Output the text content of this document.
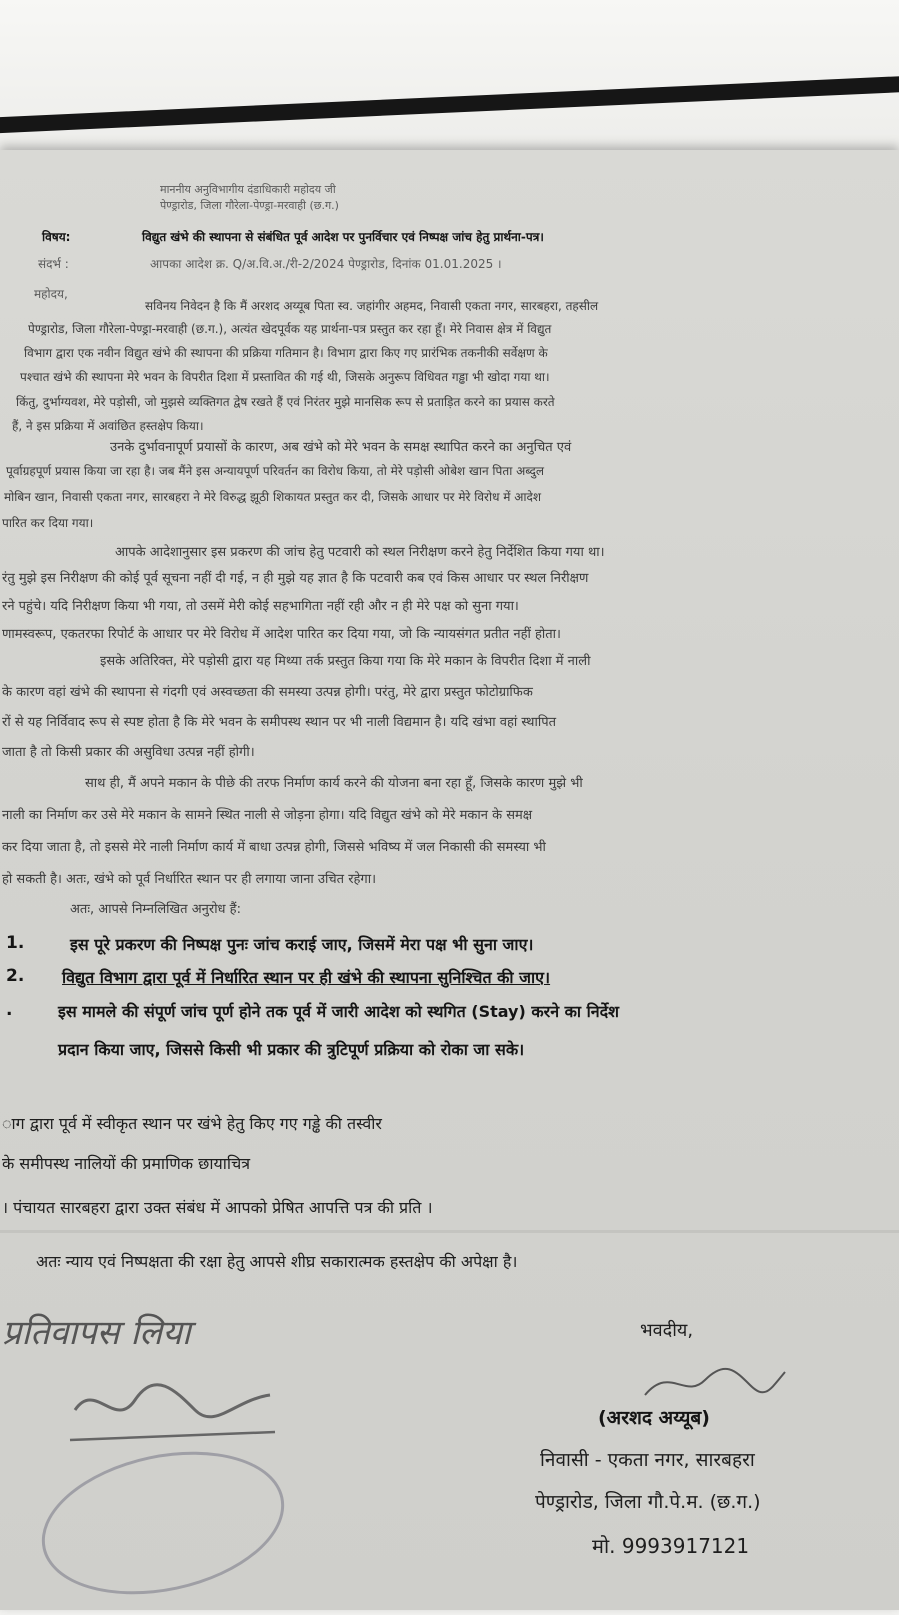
माननीय अनुविभागीय दंडाधिकारी महोदय जी
पेण्ड्रारोड, जिला गौरेला-पेण्ड्रा-मरवाही (छ.ग.)
विषय:	विद्युत खंभे की स्थापना से संबंधित पूर्व आदेश पर पुनर्विचार एवं निष्पक्ष जांच हेतु प्रार्थना-पत्र।
संदर्भ :	आपका आदेश क्र. Q/अ.वि.अ./री-2/2024 पेण्ड्रारोड, दिनांक 01.01.2025 ।
महोदय,
सविनय निवेदन है कि मैं अरशद अय्यूब पिता स्व. जहांगीर अहमद, निवासी एकता नगर, सारबहरा, तहसील
पेण्ड्रारोड, जिला गौरेला-पेण्ड्रा-मरवाही (छ.ग.), अत्यंत खेदपूर्वक यह प्रार्थना-पत्र प्रस्तुत कर रहा हूँ। मेरे निवास क्षेत्र में विद्युत
विभाग द्वारा एक नवीन विद्युत खंभे की स्थापना की प्रक्रिया गतिमान है। विभाग द्वारा किए गए प्रारंभिक तकनीकी सर्वेक्षण के
पश्चात खंभे की स्थापना मेरे भवन के विपरीत दिशा में प्रस्तावित की गई थी, जिसके अनुरूप विधिवत गड्ढा भी खोदा गया था।
किंतु, दुर्भाग्यवश, मेरे पड़ोसी, जो मुझसे व्यक्तिगत द्वेष रखते हैं एवं निरंतर मुझे मानसिक रूप से प्रताड़ित करने का प्रयास करते
हैं, ने इस प्रक्रिया में अवांछित हस्तक्षेप किया।
उनके दुर्भावनापूर्ण प्रयासों के कारण, अब खंभे को मेरे भवन के समक्ष स्थापित करने का अनुचित एवं
पूर्वाग्रहपूर्ण प्रयास किया जा रहा है। जब मैंने इस अन्यायपूर्ण परिवर्तन का विरोध किया, तो मेरे पड़ोसी ओबेश खान पिता अब्दुल
मोबिन खान, निवासी एकता नगर, सारबहरा ने मेरे विरुद्ध झूठी शिकायत प्रस्तुत कर दी, जिसके आधार पर मेरे विरोध में आदेश
पारित कर दिया गया।
आपके आदेशानुसार इस प्रकरण की जांच हेतु पटवारी को स्थल निरीक्षण करने हेतु निर्देशित किया गया था।
रंतु मुझे इस निरीक्षण की कोई पूर्व सूचना नहीं दी गई, न ही मुझे यह ज्ञात है कि पटवारी कब एवं किस आधार पर स्थल निरीक्षण
रने पहुंचे। यदि निरीक्षण किया भी गया, तो उसमें मेरी कोई सहभागिता नहीं रही और न ही मेरे पक्ष को सुना गया।
णामस्वरूप, एकतरफा रिपोर्ट के आधार पर मेरे विरोध में आदेश पारित कर दिया गया, जो कि न्यायसंगत प्रतीत नहीं होता।
इसके अतिरिक्त, मेरे पड़ोसी द्वारा यह मिथ्या तर्क प्रस्तुत किया गया कि मेरे मकान के विपरीत दिशा में नाली
के कारण वहां खंभे की स्थापना से गंदगी एवं अस्वच्छता की समस्या उत्पन्न होगी। परंतु, मेरे द्वारा प्रस्तुत फोटोग्राफिक
रों से यह निर्विवाद रूप से स्पष्ट होता है कि मेरे भवन के समीपस्थ स्थान पर भी नाली विद्यमान है। यदि खंभा वहां स्थापित
जाता है तो किसी प्रकार की असुविधा उत्पन्न नहीं होगी।
साथ ही, मैं अपने मकान के पीछे की तरफ निर्माण कार्य करने की योजना बना रहा हूँ, जिसके कारण मुझे भी
नाली का निर्माण कर उसे मेरे मकान के सामने स्थित नाली से जोड़ना होगा। यदि विद्युत खंभे को मेरे मकान के समक्ष
कर दिया जाता है, तो इससे मेरे नाली निर्माण कार्य में बाधा उत्पन्न होगी, जिससे भविष्य में जल निकासी की समस्या भी
हो सकती है। अतः, खंभे को पूर्व निर्धारित स्थान पर ही लगाया जाना उचित रहेगा।
अतः, आपसे निम्नलिखित अनुरोध हैं:
1.	इस पूरे प्रकरण की निष्पक्ष पुनः जांच कराई जाए, जिसमें मेरा पक्ष भी सुना जाए।
2. विद्युत विभाग द्वारा पूर्व में निर्धारित स्थान पर ही खंभे की स्थापना सुनिश्चित की जाए।
.	इस मामले की संपूर्ण जांच पूर्ण होने तक पूर्व में जारी आदेश को स्थगित (Stay) करने का निर्देश
प्रदान किया जाए, जिससे किसी भी प्रकार की त्रुटिपूर्ण प्रक्रिया को रोका जा सके।
ाग द्वारा पूर्व में स्वीकृत स्थान पर खंभे हेतु किए गए गड्ढे की तस्वीर
के समीपस्थ नालियों की प्रमाणिक छायाचित्र
। पंचायत सारबहरा द्वारा उक्त संबंध में आपको प्रेषित आपत्ति पत्र की प्रति ।
अतः न्याय एवं निष्पक्षता की रक्षा हेतु आपसे शीघ्र सकारात्मक हस्तक्षेप की अपेक्षा है।
प्रतिवापस लिया	भवदीय,
(अरशद अय्यूब)
निवासी - एकता नगर, सारबहरा
पेण्ड्रारोड, जिला गौ.पे.म. (छ.ग.)
मो. 9993917121
